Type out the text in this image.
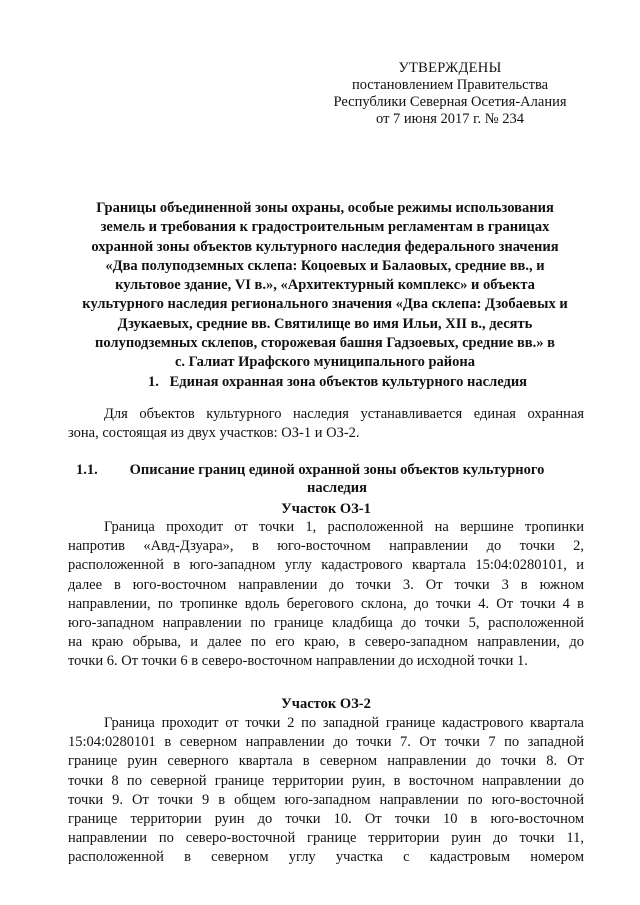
УТВЕРЖДЕНЫ
постановлением Правительства
Республики Северная Осетия-Алания
от 7 июня 2017 г. № 234
Границы объединенной зоны охраны, особые режимы использования
земель и требования к градостроительным регламентам в границах
охранной зоны объектов культурного наследия федерального значения
«Два полуподземных склепа: Коцоевых и Балаовых, средние вв., и
культовое здание, VI в.», «Архитектурный комплекс» и объекта
культурного наследия регионального значения «Два склепа: Дзобаевых и
Дзукаевых, средние вв. Святилище во имя Ильи, XII в., десять
полуподземных склепов, сторожевая башня Гадзоевых, средние вв.» в
с. Галиат Ирафского муниципального района
1. Единая охранная зона объектов культурного наследия
Для объектов культурного наследия устанавливается единая охранная
зона, состоящая из двух участков: ОЗ-1 и ОЗ-2.
1.1. Описание границ единой охранной зоны объектов культурного
наследия
Участок ОЗ-1
Граница проходит от точки 1, расположенной на вершине тропинки
напротив «Авд-Дзуара», в юго-восточном направлении до точки 2,
расположенной в юго-западном углу кадастрового квартала 15:04:0280101, и
далее в юго-восточном направлении до точки 3. От точки 3 в южном
направлении, по тропинке вдоль берегового склона, до точки 4. От точки 4 в
юго-западном направлении по границе кладбища до точки 5, расположенной
на краю обрыва, и далее по его краю, в северо-западном направлении, до
точки 6. От точки 6 в северо-восточном направлении до исходной точки 1.
Участок ОЗ-2
Граница проходит от точки 2 по западной границе кадастрового квартала
15:04:0280101 в северном направлении до точки 7. От точки 7 по западной
границе руин северного квартала в северном направлении до точки 8. От
точки 8 по северной границе территории руин, в восточном направлении до
точки 9. От точки 9 в общем юго-западном направлении по юго-восточной
границе территории руин до точки 10. От точки 10 в юго-восточном
направлении по северо-восточной границе территории руин до точки 11,
расположенной в северном углу участка с кадастровым номером
